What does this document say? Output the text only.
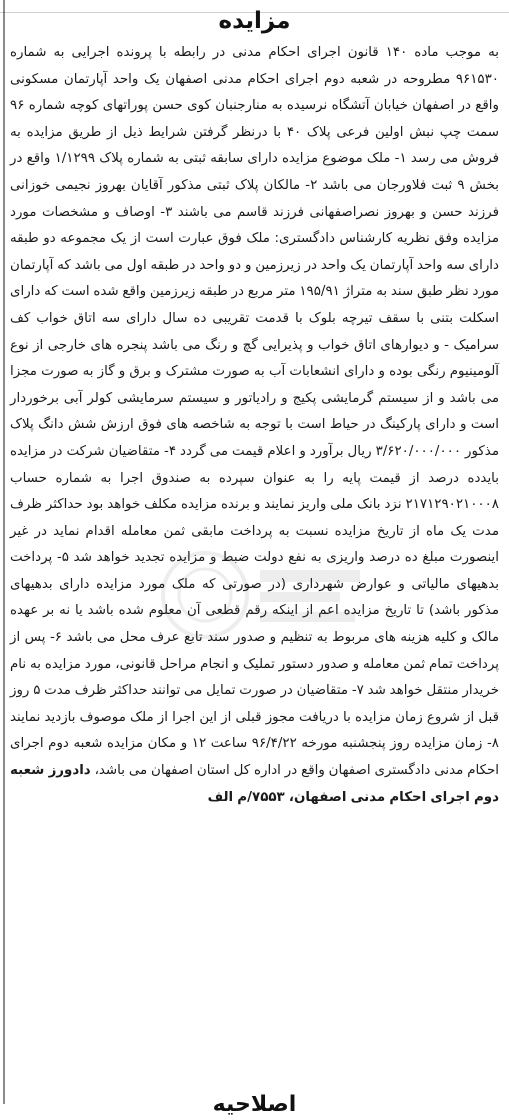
مزایده
به موجب ماده ۱۴۰ قانون اجرای احکام مدنی در رابطه با پرونده اجرایی به شماره ۹۶۱۵۳۰ مطروحه در شعبه دوم اجرای احکام مدنی اصفهان یک واحد آپارتمان مسکونی واقع در اصفهان خیابان آتشگاه نرسیده به منارجنبان کوی حسن پوراتهای کوچه شماره ۹۶ سمت چپ نبش اولین فرعی پلاک ۴۰ با درنظر گرفتن شرایط ذیل از طریق مزایده به فروش می رسد ۱- ملک موضوع مزایده دارای سابقه ثبتی به شماره پلاک ۱/۱۲۹۹ واقع در بخش ۹ ثبت فلاورجان می باشد ۲- مالکان پلاک ثبتی مذکور آقایان بهروز نجیمی خوزانی فرزند حسن و بهروز نصراصفهانی فرزند قاسم می باشند ۳- اوصاف و مشخصات مورد مزایده وفق نظریه کارشناس دادگستری: ملک فوق عبارت است از یک مجموعه دو طبقه دارای سه واحد آپارتمان یک واحد در زیرزمین و دو واحد در طبقه اول می باشد که آپارتمان مورد نظر طبق سند به متراژ ۱۹۵/۹۱ متر مربع در طبقه زیرزمین واقع شده است که دارای اسکلت بتنی با سقف تیرچه بلوک با قدمت تقریبی ده سال دارای سه اتاق خواب کف سرامیک - و دیوارهای اتاق خواب و پذیرایی گچ و رنگ می باشد پنجره های خارجی از نوع آلومینیوم رنگی بوده و دارای انشعابات آب به صورت مشترک و برق و گاز به صورت مجزا می باشد و از سیستم گرمایشی پکیج و رادیاتور و سیستم سرمایشی کولر آبی برخوردار است و دارای پارکینگ در حیاط است با توجه به شاخصه های فوق ارزش شش دانگ پلاک مذکور ۳/۶۲۰/۰۰۰/۰۰۰ ریال برآورد و اعلام قیمت می گردد ۴- متقاضیان شرکت در مزایده بایدده درصد از قیمت پایه را به عنوان سپرده به صندوق اجرا به شماره حساب ۲۱۷۱۲۹۰۲۱۰۰۰۸ نزد بانک ملی واریز نمایند و برنده مزایده مکلف خواهد بود حداکثر ظرف مدت یک ماه از تاریخ مزایده نسبت به پرداخت مابقی ثمن معامله اقدام نماید در غیر اینصورت مبلغ ده درصد واریزی به نفع دولت ضبط و مزایده تجدید خواهد شد ۵- پرداخت بدهیهای مالیاتی و عوارض شهرداری (در صورتی که ملک مورد مزایده دارای بدهیهای مذکور باشد) تا تاریخ مزایده اعم از اینکه رقم قطعی آن معلوم شده باشد یا نه بر عهده مالک و کلیه هزینه های مربوط به تنظیم و صدور سند تابع عرف محل می باشد ۶- پس از پرداخت تمام ثمن معامله و صدور دستور تملیک و انجام مراحل قانونی، مورد مزایده به نام خریدار منتقل خواهد شد ۷- متقاضیان در صورت تمایل می توانند حداکثر ظرف مدت ۵ روز قبل از شروع زمان مزایده با دریافت مجوز قبلی از این اجرا از ملک موصوف بازدید نمایند ۸- زمان مزایده روز پنجشنبه مورخه ۹۶/۴/۲۲ ساعت ۱۲ و مکان مزایده شعبه دوم اجرای احکام مدنی دادگستری اصفهان واقع در اداره کل استان اصفهان می باشد، دادورز شعبه دوم اجرای احکام مدنی اصفهان، ۷۵۵۳/م الف
اصلاحیه
